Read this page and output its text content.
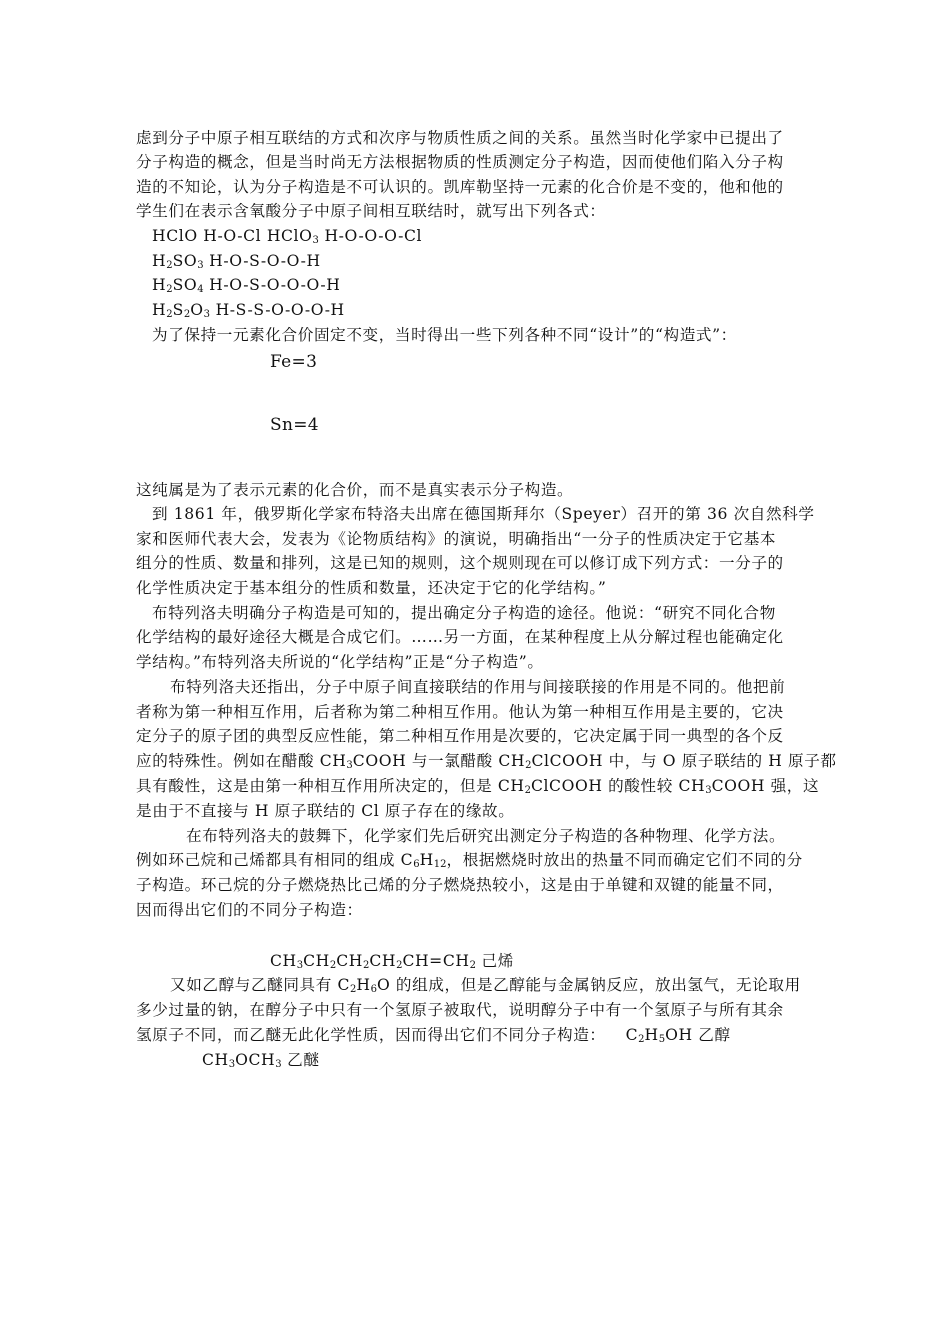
虑到分子中原子相互联结的方式和次序与物质性质之间的关系。虽然当时化学家中已提出了
分子构造的概念，但是当时尚无方法根据物质的性质测定分子构造，因而使他们陷入分子构
造的不知论，认为分子构造是不可认识的。凯库勒坚持一元素的化合价是不变的，他和他的
学生们在表示含氧酸分子中原子间相互联结时，就写出下列各式：
HClO H-O-Cl HClO$_3$ H-O-O-O-Cl
$H_2SO_3$ H-O-S-O-O-H
$H_2SO_4$ H-O-S-O-O-O-H
$H_2S_2O_3$ H-S-S-O-O-O-H
为了保持一元素化合价固定不变，当时得出一些下列各种不同“设计”的“构造式”：
Fe=3
Sn=4
这纯属是为了表示元素的化合价，而不是真实表示分子构造。
到 1861 年，俄罗斯化学家布特洛夫出席在德国斯拜尔（Speyer）召开的第 36 次自然科学
家和医师代表大会，发表为《论物质结构》的演说，明确指出“一分子的性质决定于它基本
组分的性质、数量和排列，这是已知的规则，这个规则现在可以修订成下列方式：一分子的
化学性质决定于基本组分的性质和数量，还决定于它的化学结构。”
布特列洛夫明确分子构造是可知的，提出确定分子构造的途径。他说：“研究不同化合物
化学结构的最好途径大概是合成它们。……另一方面，在某种程度上从分解过程也能确定化
学结构。”布特列洛夫所说的“化学结构”正是“分子构造”。
布特列洛夫还指出，分子中原子间直接联结的作用与间接联接的作用是不同的。他把前
者称为第一种相互作用，后者称为第二种相互作用。他认为第一种相互作用是主要的，它决
定分子的原子团的典型反应性能，第二种相互作用是次要的，它决定属于同一典型的各个反
应的特殊性。例如在醋酸 $CH_3COOH$ 与一氯醋酸 $CH_2ClCOOH$ 中，与 O 原子联结的 H 原子都
具有酸性，这是由第一种相互作用所决定的，但是 $CH_2ClCOOH$ 的酸性较 $CH_3COOH$ 强，这
是由于不直接与 H 原子联结的 Cl 原子存在的缘故。
在布特列洛夫的鼓舞下，化学家们先后研究出测定分子构造的各种物理、化学方法。
例如环己烷和己烯都具有相同的组成 $C_6H_{12}$，根据燃烧时放出的热量不同而确定它们不同的分
子构造。环己烷的分子燃烧热比己烯的分子燃烧热较小，这是由于单键和双键的能量不同，
因而得出它们的不同分子构造：
$CH_3CH_2CH_2CH_2CH=CH_2$ 己烯
又如乙醇与乙醚同具有 $C_2H_6O$ 的组成，但是乙醇能与金属钠反应，放出氢气，无论取用
多少过量的钠，在醇分子中只有一个氢原子被取代，说明醇分子中有一个氢原子与所有其余
氢原子不同，而乙醚无此化学性质，因而得出它们不同分子构造： $C_2H_5OH$ 乙醇
$CH_3OCH_3$ 乙醚
